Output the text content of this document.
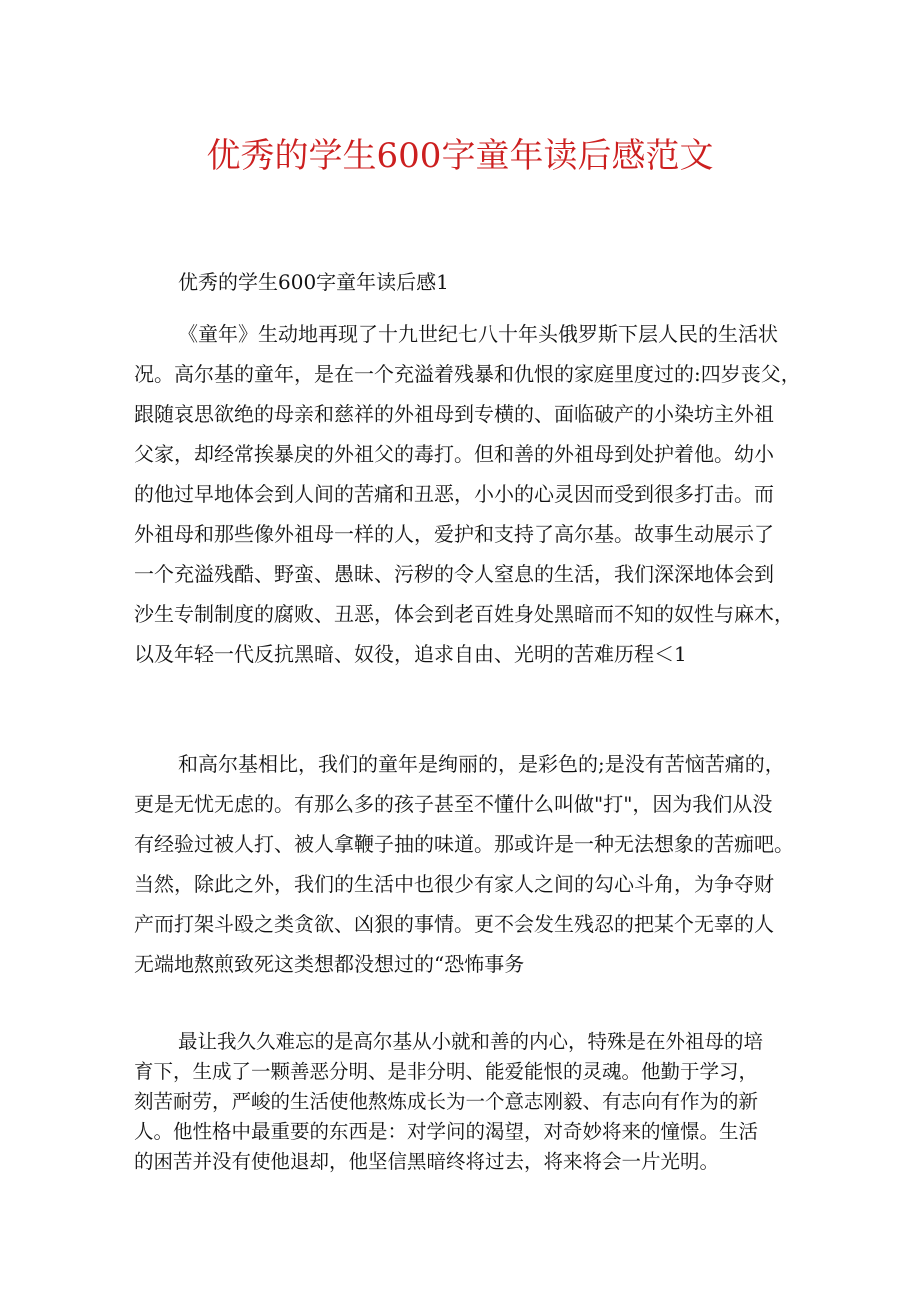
优秀的学生600字童年读后感范文
优秀的学生600字童年读后感1
《童年》生动地再现了十九世纪七八十年头俄罗斯下层人民的生活状
况。高尔基的童年，是在一个充溢着残暴和仇恨的家庭里度过的:四岁丧父，
跟随哀思欲绝的母亲和慈祥的外祖母到专横的、面临破产的小染坊主外祖
父家，却经常挨暴戾的外祖父的毒打。但和善的外祖母到处护着他。幼小
的他过早地体会到人间的苦痛和丑恶，小小的心灵因而受到很多打击。而
外祖母和那些像外祖母一样的人，爱护和支持了高尔基。故事生动展示了
一个充溢残酷、野蛮、愚昧、污秽的令人窒息的生活，我们深深地体会到
沙生专制制度的腐败、丑恶，体会到老百姓身处黑暗而不知的奴性与麻木，
以及年轻一代反抗黑暗、奴役，追求自由、光明的苦难历程＜1
和高尔基相比，我们的童年是绚丽的，是彩色的;是没有苦恼苦痛的，
更是无忧无虑的。有那么多的孩子甚至不懂什么叫做"打"，因为我们从没
有经验过被人打、被人拿鞭子抽的味道。那或许是一种无法想象的苦痂吧。
当然，除此之外，我们的生活中也很少有家人之间的勾心斗角，为争夺财
产而打架斗殴之类贪欲、凶狠的事情。更不会发生残忍的把某个无辜的人
无端地熬煎致死这类想都没想过的“恐怖事务
最让我久久难忘的是高尔基从小就和善的内心，特殊是在外祖母的培
育下，生成了一颗善恶分明、是非分明、能爱能恨的灵魂。他勤于学习，
刻苦耐劳，严峻的生活使他熬炼成长为一个意志刚毅、有志向有作为的新
人。他性格中最重要的东西是：对学问的渴望，对奇妙将来的憧憬。生活
的困苦并没有使他退却，他坚信黑暗终将过去，将来将会一片光明。
